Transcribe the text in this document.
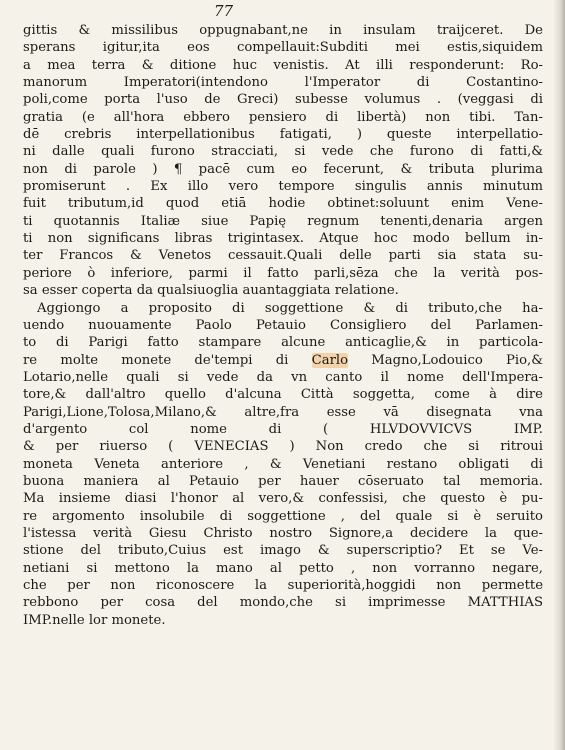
77
gittis & missilibus oppugnabant,ne in insulam traijceret. De
sperans igitur,ita eos compellauit:Subditi mei estis,siquidem
a mea terra & ditione huc venistis. At illi responderunt: Ro-
manorum Imperatori(intendono l'Imperator di Costantino-
poli,come porta l'uso de Greci) subesse volumus . (veggasi di
gratia (e all'hora ebbero pensiero di libertà) non tibi. Tan-
dē crebris interpellationibus fatigati, ) queste interpellatio-
ni dalle quali furono stracciati, si vede che furono di fatti,&
non di parole ) ¶ pacē cum eo fecerunt, & tributa plurima
promiserunt . Ex illo vero tempore singulis annis minutum
fuit tributum,id quod etiā hodie obtinet:soluunt enim Vene-
ti quotannis Italiæ siue Papię regnum tenenti,denaria argen
ti non significans libras trigintasex. Atque hoc modo bellum in-
ter Francos & Venetos cessauit.Quali delle parti sia stata su-
periore ò inferiore, parmi il fatto parli,sēza che la verità pos-
sa esser coperta da qualsiuoglia auantaggiata relatione.
Aggiongo a proposito di soggettione & di tributo,che ha-
uendo nuouamente Paolo Petauio Consigliero del Parlamen-
to di Parigi fatto stampare alcune anticaglie,& in particola-
re molte monete de'tempi di Carlo Magno,Lodouico Pio,&
Lotario,nelle quali si vede da vn canto il nome dell'Impera-
tore,& dall'altro quello d'alcuna Città soggetta, come à dire
Parigi,Lione,Tolosa,Milano,& altre,fra esse vā disegnata vna
d'argento col nome di ( HLVDOVVICVS IMP.
& per riuerso ( VENECIAS ) Non credo che si ritroui
moneta Veneta anteriore , & Venetiani restano obligati di
buona maniera al Petauio per hauer cōseruato tal memoria.
Ma insieme diasi l'honor al vero,& confessisi, che questo è pu-
re argomento insolubile di soggettione , del quale si è seruito
l'istessa verità Giesu Christo nostro Signore,a decidere la que-
stione del tributo,Cuius est imago & superscriptio? Et se Ve-
netiani si mettono la mano al petto , non vorranno negare,
che per non riconoscere la superiorità,hoggidi non permette
rebbono per cosa del mondo,che si imprimesse MATTHIAS
IMP.nelle lor monete.
